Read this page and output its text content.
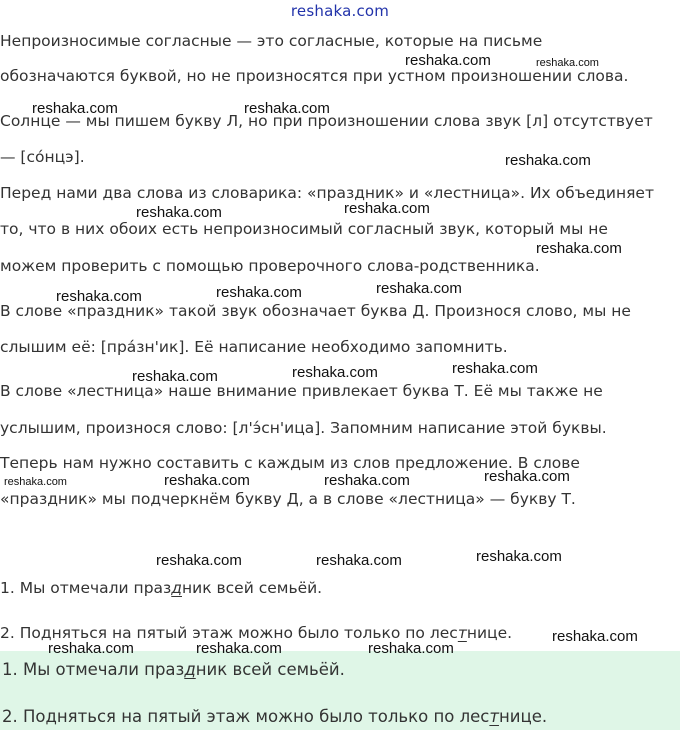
reshaka.com
Непроизносимые согласные — это согласные, которые на письме
обозначаются буквой, но не произносятся при устном произношении слова.
Солнце — мы пишем букву Л, но при произношении слова звук [л] отсутствует
— [со́нцэ].
Перед нами два слова из словарика: «праздник» и «лестница». Их объединяет
то, что в них обоих есть непроизносимый согласный звук, который мы не
можем проверить с помощью проверочного слова-родственника.
В слове «праздник» такой звук обозначает буква Д. Произнося слово, мы не
слышим её: [пра́зн'ик]. Её написание необходимо запомнить.
В слове «лестница» наше внимание привлекает буква Т. Её мы также не
услышим, произнося слово: [л'э́сн'ица]. Запомним написание этой буквы.
Теперь нам нужно составить с каждым из слов предложение. В слове
«праздник» мы подчеркнём букву Д, а в слове «лестница» — букву Т.
1. Мы отмечали праздник всей семьёй.
2. Подняться на пятый этаж можно было только по лестнице.
1. Мы отмечали праздник всей семьёй.
2. Подняться на пятый этаж можно было только по лестнице.
reshaka.com	reshaka.com
reshaka.com	reshaka.com
reshaka.com
reshaka.com	reshaka.com
reshaka.com
reshaka.com	reshaka.com	reshaka.com
reshaka.com	reshaka.com	reshaka.com
reshaka.com	reshaka.com	reshaka.com	reshaka.com
reshaka.com	reshaka.com	reshaka.com
reshaka.com
reshaka.com	reshaka.com	reshaka.com
